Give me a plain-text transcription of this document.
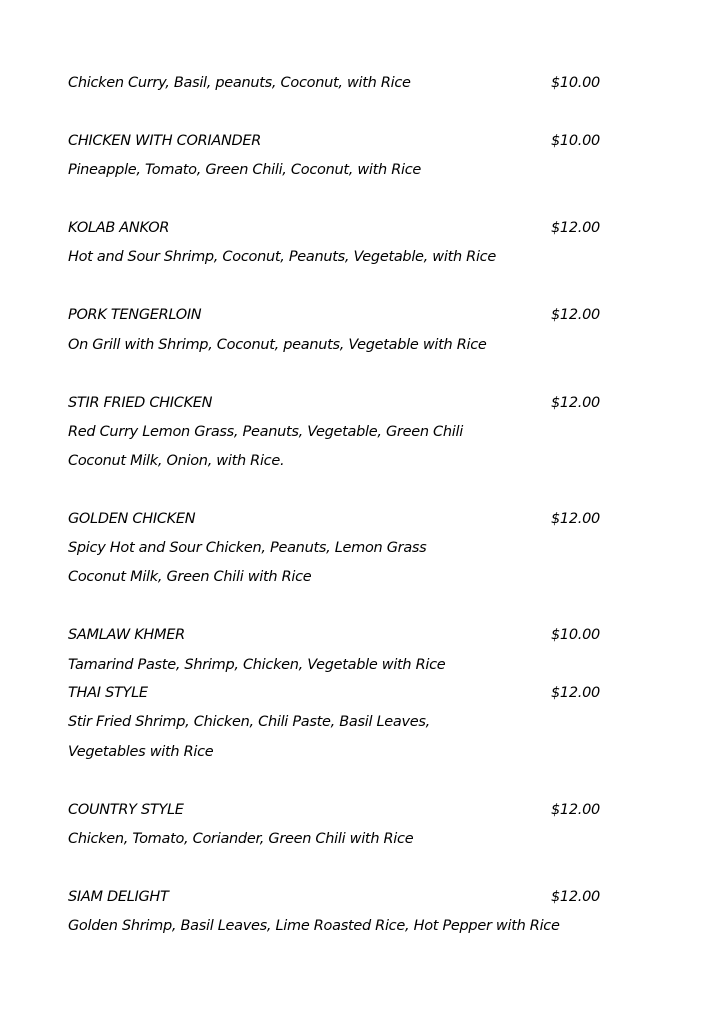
Chicken Curry, Basil, peanuts, Coconut, with Rice	$10.00
CHICKEN WITH CORIANDER	$10.00
Pineapple, Tomato, Green Chili, Coconut, with Rice
KOLAB ANKOR	$12.00
Hot and Sour Shrimp, Coconut, Peanuts, Vegetable, with Rice
PORK TENGERLOIN	$12.00
On Grill with Shrimp, Coconut, peanuts, Vegetable with Rice
STIR FRIED CHICKEN	$12.00
Red Curry Lemon Grass, Peanuts, Vegetable, Green Chili
Coconut Milk, Onion, with Rice.
GOLDEN CHICKEN	$12.00
Spicy Hot and Sour Chicken, Peanuts, Lemon Grass
Coconut Milk, Green Chili with Rice
SAMLAW KHMER	$10.00
Tamarind Paste, Shrimp, Chicken, Vegetable with Rice
THAI STYLE	$12.00
Stir Fried Shrimp, Chicken, Chili Paste, Basil Leaves,
Vegetables with Rice
COUNTRY STYLE	$12.00
Chicken, Tomato, Coriander, Green Chili with Rice
SIAM DELIGHT	$12.00
Golden Shrimp, Basil Leaves, Lime Roasted Rice, Hot Pepper with Rice
